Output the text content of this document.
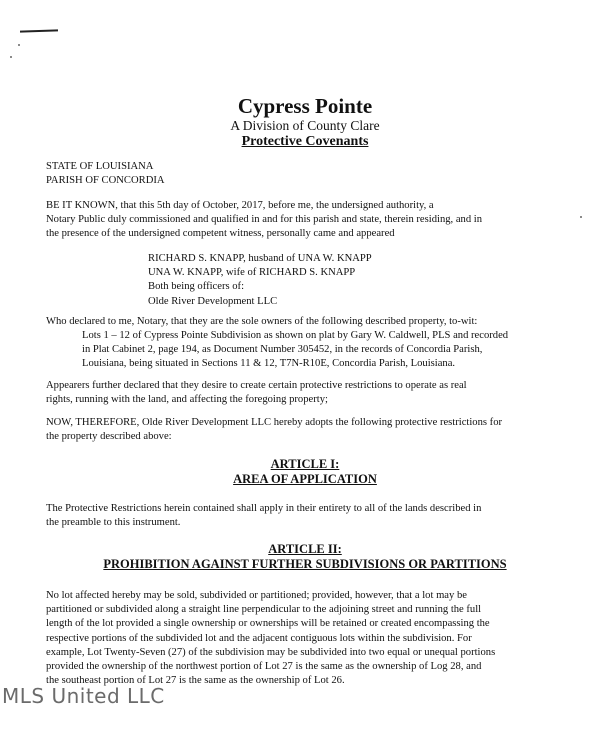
Cypress Pointe
A Division of County Clare
Protective Covenants
STATE OF LOUISIANA
PARISH OF CONCORDIA
BE IT KNOWN, that this 5th day of October, 2017, before me, the undersigned authority, a
Notary Public duly commissioned and qualified in and for this parish and state, therein residing, and in
the presence of the undersigned competent witness, personally came and appeared
RICHARD S. KNAPP, husband of UNA W. KNAPP
UNA W. KNAPP, wife of RICHARD S. KNAPP
Both being officers of:
Olde River Development LLC
Who declared to me, Notary, that they are the sole owners of the following described property, to-wit:
Lots 1 – 12 of Cypress Pointe Subdivision as shown on plat by Gary W. Caldwell, PLS and recorded
in Plat Cabinet 2, page 194, as Document Number 305452, in the records of Concordia Parish,
Louisiana, being situated in Sections 11 & 12, T7N-R10E, Concordia Parish, Louisiana.
Appearers further declared that they desire to create certain protective restrictions to operate as real
rights, running with the land, and affecting the foregoing property;
NOW, THEREFORE, Olde River Development LLC hereby adopts the following protective restrictions for
the property described above:
ARTICLE I:
AREA OF APPLICATION
The Protective Restrictions herein contained shall apply in their entirety to all of the lands described in
the preamble to this instrument.
ARTICLE II:
PROHIBITION AGAINST FURTHER SUBDIVISIONS OR PARTITIONS
No lot affected hereby may be sold, subdivided or partitioned; provided, however, that a lot may be
partitioned or subdivided along a straight line perpendicular to the adjoining street and running the full
length of the lot provided a single ownership or ownerships will be retained or created encompassing the
respective portions of the subdivided lot and the adjacent contiguous lots within the subdivision. For
example, Lot Twenty-Seven (27) of the subdivision may be subdivided into two equal or unequal portions
provided the ownership of the northwest portion of Lot 27 is the same as the ownership of Log 28, and
the southeast portion of Lot 27 is the same as the ownership of Lot 26.
MLS United LLC
